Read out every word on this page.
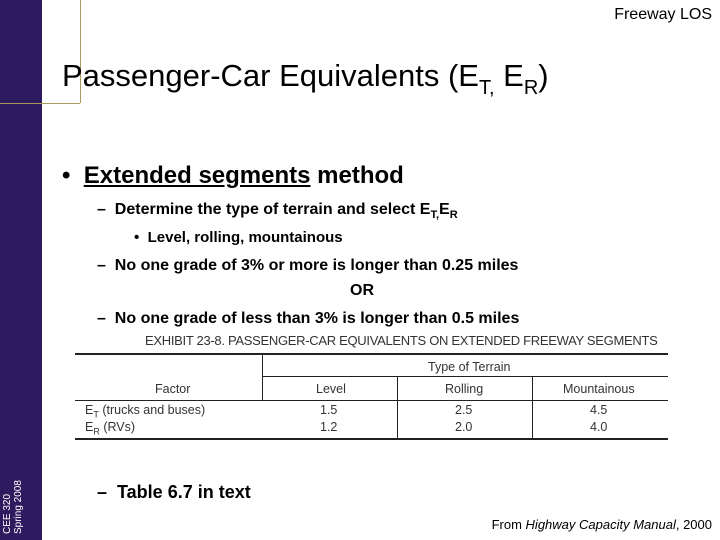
CEE 320 Spring 2008
Freeway LOS
Passenger-Car Equivalents ($E_{T,}$ $E_R$)
•  Extended segments method
–  Determine the type of terrain and select $E_{T,}E_R$
•  Level, rolling, mountainous
–  No one grade of 3% or more is longer than 0.25 miles
OR
–  No one grade of less than 3% is longer than 0.5 miles
EXHIBIT 23-8. PASSENGER-CAR EQUIVALENTS ON EXTENDED FREEWAY SEGMENTS
Type of Terrain
Factor	Level	Rolling	Mountainous
$E_T$ (trucks and buses)	1.5	2.5	4.5
$E_R$ (RVs)	1.2	2.0	4.0
–  Table 6.7 in text
From Highway Capacity Manual, 2000
